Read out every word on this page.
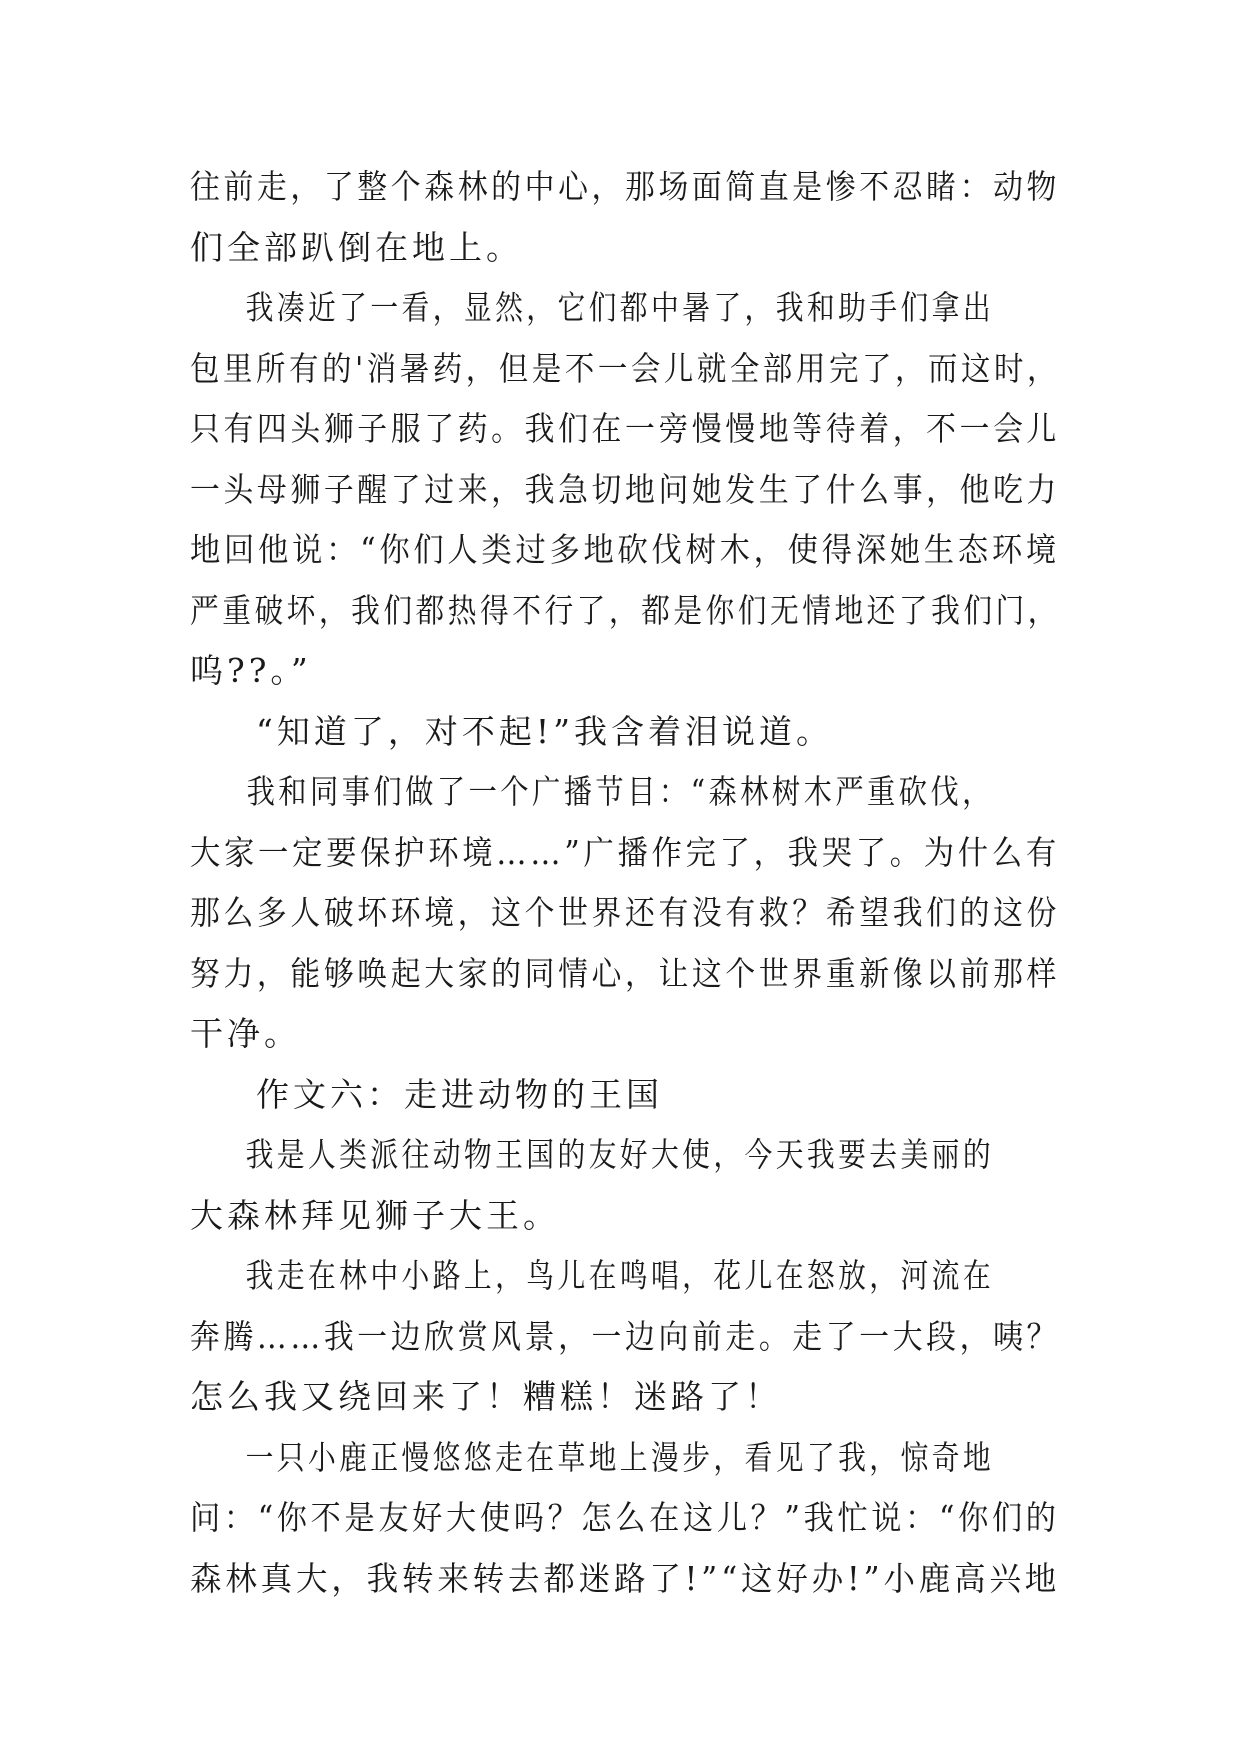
往前走，了整个森林的中心，那场面简直是惨不忍睹：动物
们全部趴倒在地上。
我凑近了一看，显然，它们都中暑了，我和助手们拿出
包里所有的'消暑药，但是不一会儿就全部用完了，而这时，
只有四头狮子服了药。我们在一旁慢慢地等待着，不一会儿
一头母狮子醒了过来，我急切地问她发生了什么事，他吃力
地回他说：“你们人类过多地砍伐树木，使得深她生态环境
严重破坏，我们都热得不行了，都是你们无情地还了我们门，
呜??。”
“知道了，对不起!”我含着泪说道。
我和同事们做了一个广播节目：“森林树木严重砍伐，
大家一定要保护环境……”广播作完了，我哭了。为什么有
那么多人破坏环境，这个世界还有没有救？希望我们的这份
努力，能够唤起大家的同情心，让这个世界重新像以前那样
干净。
作文六：走进动物的王国
我是人类派往动物王国的友好大使，今天我要去美丽的
大森林拜见狮子大王。
我走在林中小路上，鸟儿在鸣唱，花儿在怒放，河流在
奔腾……我一边欣赏风景，一边向前走。走了一大段，咦？
怎么我又绕回来了！糟糕！迷路了！
一只小鹿正慢悠悠走在草地上漫步，看见了我，惊奇地
问：“你不是友好大使吗？怎么在这儿？”我忙说：“你们的
森林真大，我转来转去都迷路了!”“这好办!”小鹿高兴地
